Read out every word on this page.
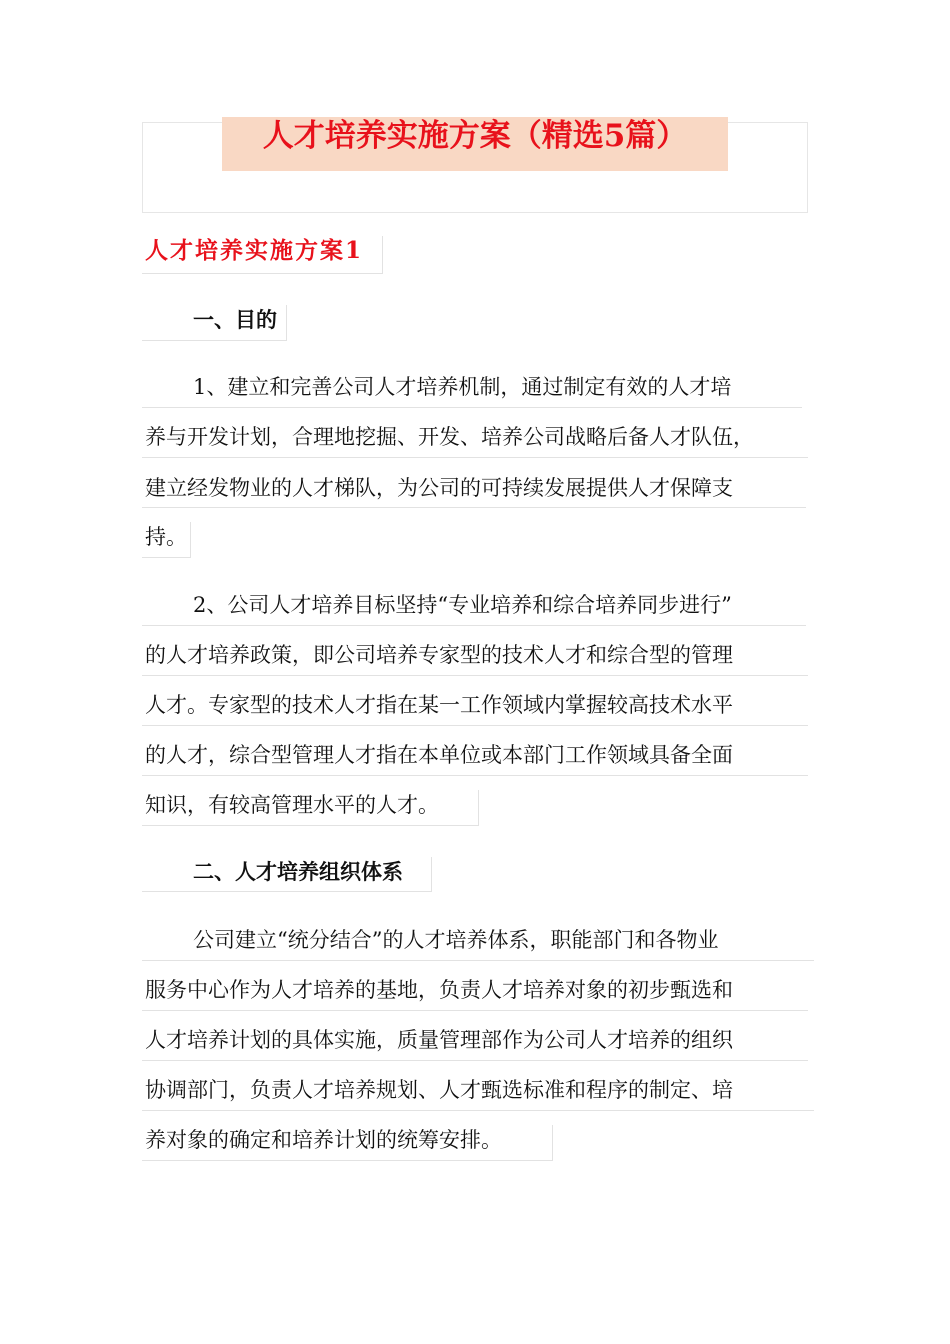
人才培养实施方案（精选5篇）
人才培养实施方案1
一、目的
1、建立和完善公司人才培养机制，通过制定有效的人才培
养与开发计划，合理地挖掘、开发、培养公司战略后备人才队伍，
建立经发物业的人才梯队，为公司的可持续发展提供人才保障支
持。
2、公司人才培养目标坚持“专业培养和综合培养同步进行”
的人才培养政策，即公司培养专家型的技术人才和综合型的管理
人才。专家型的技术人才指在某一工作领域内掌握较高技术水平
的人才，综合型管理人才指在本单位或本部门工作领域具备全面
知识，有较高管理水平的人才。
二、人才培养组织体系
公司建立“统分结合”的人才培养体系，职能部门和各物业
服务中心作为人才培养的基地，负责人才培养对象的初步甄选和
人才培养计划的具体实施，质量管理部作为公司人才培养的组织
协调部门，负责人才培养规划、人才甄选标准和程序的制定、培
养对象的确定和培养计划的统筹安排。
